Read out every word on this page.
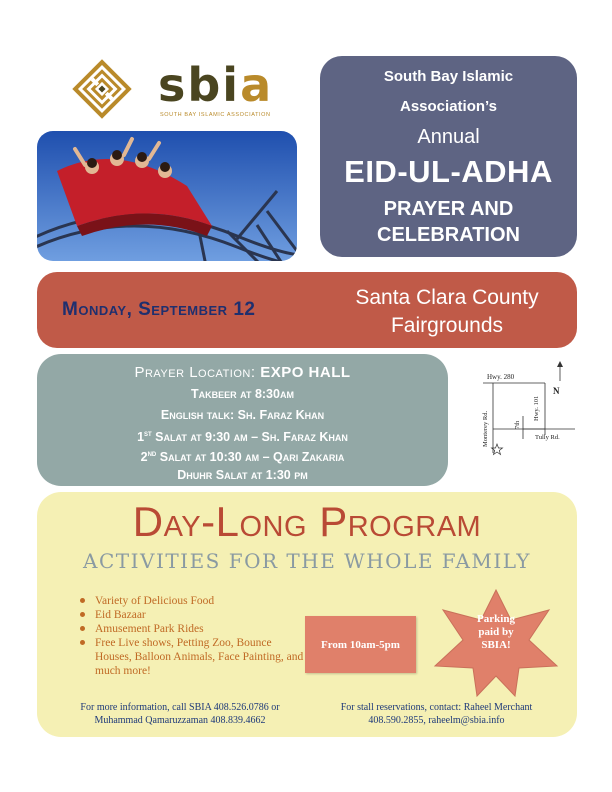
sbia
SOUTH BAY ISLAMIC ASSOCIATION
South Bay Islamic
Association’s
Annual
EID-UL-ADHA
PRAYER AND
CELEBRATION
Monday, September 12
Santa Clara County
Fairgrounds
Prayer Location: EXPO HALL
Takbeer at 8:30am
English talk: Sh. Faraz Khan
1st Salat at 9:30 am – Sh. Faraz Khan
2nd Salat at 10:30 am – Qari Zakaria
Dhuhr Salat at 1:30 pm
Hwy. 280
N
Hwy. 101
Monterey Rd.	7th
Tully Rd.
Day-Long Program
ACTIVITIES FOR THE WHOLE FAMILY
Variety of Delicious Food
Eid Bazaar
Amusement Park Rides
Free Live shows, Petting Zoo, Bounce Houses, Balloon Animals, Face Painting, and much more!
From 10am-5pm
Parking paid by SBIA!
For more information, call SBIA 408.526.0786 or
Muhammad Qamaruzzaman 408.839.4662
For stall reservations, contact: Raheel Merchant
408.590.2855, raheelm@sbia.info
